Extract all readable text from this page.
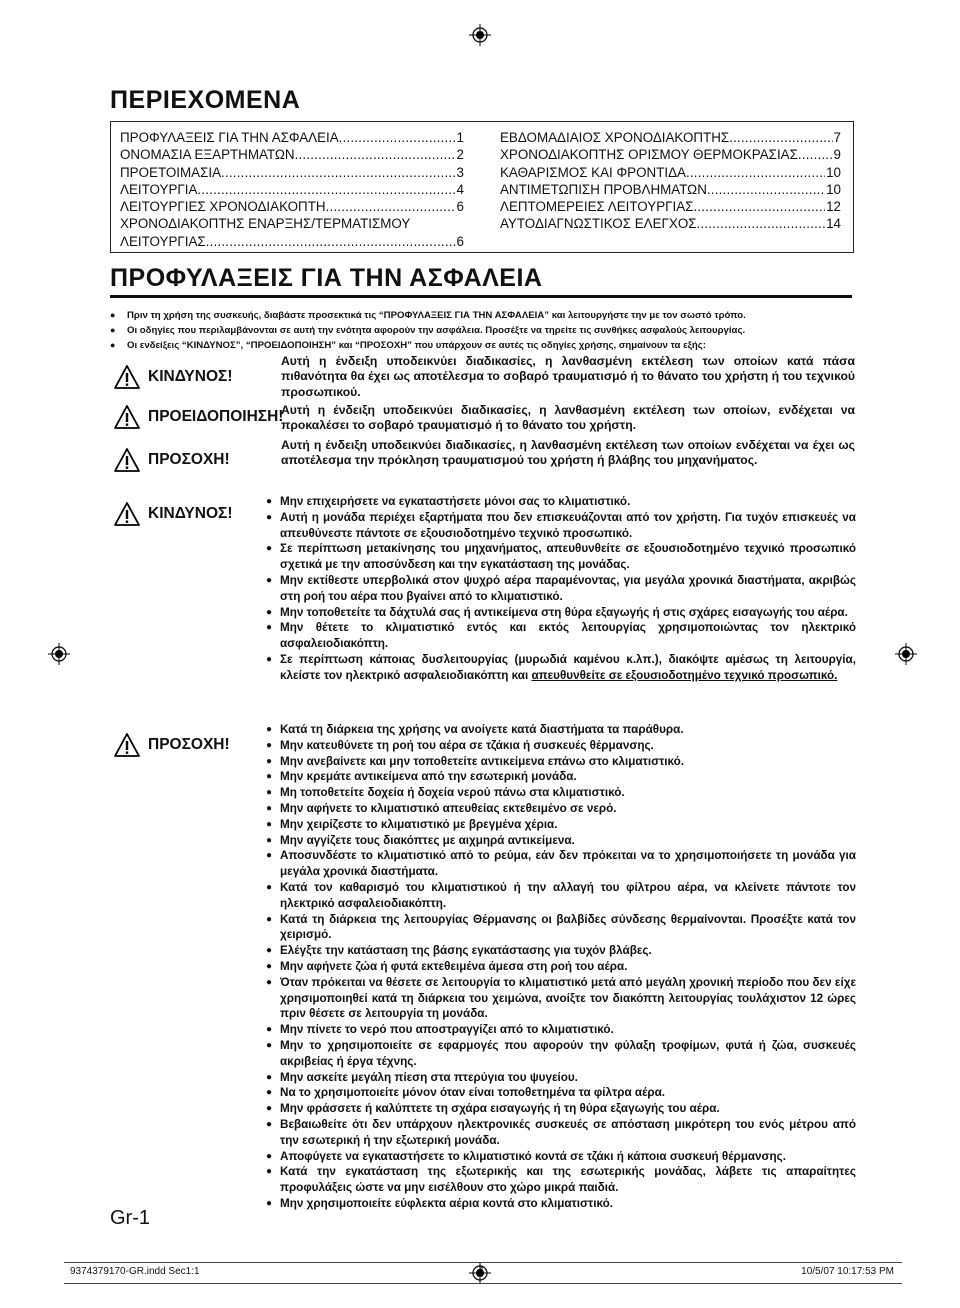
ΠΕΡΙΕΧΟΜΕΝΑ
ΠΡΟΦΥΛΑΞΕΙΣ ΓΙΑ ΤΗΝ ΑΣΦΑΛΕΙΑ .....	1
ΟΝΟΜΑΣΙΑ ΕΞΑΡΤΗΜΑΤΩΝ .....	2
ΠΡΟΕΤΟΙΜΑΣΙΑ .....	3
ΛΕΙΤΟΥΡΓΙΑ .....	4
ΛΕΙΤΟΥΡΓΙΕΣ ΧΡΟΝΟΔΙΑΚΟΠΤΗ .....	6
ΧΡΟΝΟΔΙΑΚΟΠΤΗΣ ΕΝΑΡΞΗΣ/ΤΕΡΜΑΤΙΣΜΟΥ
ΛΕΙΤΟΥΡΓΙΑΣ .....	6
ΕΒΔΟΜΑΔΙΑΙΟΣ ΧΡΟΝΟΔΙΑΚΟΠΤΗΣ .....	7
ΧΡΟΝΟΔΙΑΚΟΠΤΗΣ ΟΡΙΣΜΟΥ ΘΕΡΜΟΚΡΑΣΙΑΣ .....	9
ΚΑΘΑΡΙΣΜΟΣ ΚΑΙ ΦΡΟΝΤΙΔΑ .....	10
ΑΝΤΙΜΕΤΩΠΙΣΗ ΠΡΟΒΛΗΜΑΤΩΝ .....	10
ΛΕΠΤΟΜΕΡΕΙΕΣ ΛΕΙΤΟΥΡΓΙΑΣ .....	12
ΑΥΤΟΔΙΑΓΝΩΣΤΙΚΟΣ ΕΛΕΓΧΟΣ .....	14
ΠΡΟΦΥΛΑΞΕΙΣ ΓΙΑ ΤΗΝ ΑΣΦΑΛΕΙΑ
● Πριν τη χρήση της συσκευής, διαβάστε προσεκτικά τις “ΠΡΟΦΥΛΑΞΕΙΣ ΓΙΑ ΤΗΝ ΑΣΦΑΛΕΙΑ” και λειτουργήστε την με τον σωστό τρόπο.
● Οι οδηγίες που περιλαμβάνονται σε αυτή την ενότητα αφορούν την ασφάλεια. Προσέξτε να τηρείτε τις συνθήκες ασφαλούς λειτουργίας.
● Οι ενδείξεις “ΚΙΝΔΥΝΟΣ”, “ΠΡΟΕΙΔΟΠΟΙΗΣΗ” και “ΠΡΟΣΟΧΗ” που υπάρχουν σε αυτές τις οδηγίες χρήσης, σημαίνουν τα εξής:
ΚΙΝΔΥΝΟΣ!
ΠΡΟΕΙΔΟΠΟΙΗΣΗ!
ΠΡΟΣΟΧΗ!
Αυτή η ένδειξη υποδεικνύει διαδικασίες, η λανθασμένη εκτέλεση των οποίων κατά πάσα πιθανότητα θα έχει ως αποτέλεσμα το σοβαρό τραυματισμό ή το θάνατο του χρήστη ή του τεχνικού προσωπικού.
Αυτή η ένδειξη υποδεικνύει διαδικασίες, η λανθασμένη εκτέλεση των οποίων, ενδέχεται να προκαλέσει το σοβαρό τραυματισμό ή το θάνατο του χρήστη.
Αυτή η ένδειξη υποδεικνύει διαδικασίες, η λανθασμένη εκτέλεση των οποίων ενδέχεται να έχει ως αποτέλεσμα την πρόκληση τραυματισμού του χρήστη ή βλάβης του μηχανήματος.
ΚΙΝΔΥΝΟΣ!
● Μην επιχειρήσετε να εγκαταστήσετε μόνοι σας το κλιματιστικό.
● Αυτή η μονάδα περιέχει εξαρτήματα που δεν επισκευάζονται από τον χρήστη. Για τυχόν επισκευές να απευθύνεστε πάντοτε σε εξουσιοδοτημένο τεχνικό προσωπικό.
● Σε περίπτωση μετακίνησης του μηχανήματος, απευθυνθείτε σε εξουσιοδοτημένο τεχνικό προσωπικό σχετικά με την αποσύνδεση και την εγκατάσταση της μονάδας.
● Μην εκτίθεστε υπερβολικά στον ψυχρό αέρα παραμένοντας, για μεγάλα χρονικά διαστήματα, ακριβώς στη ροή του αέρα που βγαίνει από το κλιματιστικό.
● Μην τοποθετείτε τα δάχτυλά σας ή αντικείμενα στη θύρα εξαγωγής ή στις σχάρες εισαγωγής του αέρα.
● Μην θέτετε το κλιματιστικό εντός και εκτός λειτουργίας χρησιμοποιώντας τον ηλεκτρικό ασφαλειοδιακόπτη.
● Σε περίπτωση κάποιας δυσλειτουργίας (μυρωδιά καμένου κ.λπ.), διακόψτε αμέσως τη λειτουργία, κλείστε τον ηλεκτρικό ασφαλειοδιακόπτη και απευθυνθείτε σε εξουσιοδοτημένο τεχνικό προσωπικό.
ΠΡΟΣΟΧΗ!
● Κατά τη διάρκεια της χρήσης να ανοίγετε κατά διαστήματα τα παράθυρα.
● Μην κατευθύνετε τη ροή του αέρα σε τζάκια ή συσκευές θέρμανσης.
● Μην ανεβαίνετε και μην τοποθετείτε αντικείμενα επάνω στο κλιματιστικό.
● Μην κρεμάτε αντικείμενα από την εσωτερική μονάδα.
● Μη τοποθετείτε δοχεία ή δοχεία νερού πάνω στα κλιματιστικό.
● Μην αφήνετε το κλιματιστικό απευθείας εκτεθειμένο σε νερό.
● Μην χειρίζεστε το κλιματιστικό με βρεγμένα χέρια.
● Μην αγγίζετε τους διακόπτες με αιχμηρά αντικείμενα.
● Αποσυνδέστε το κλιματιστικό από το ρεύμα, εάν δεν πρόκειται να το χρησιμοποιήσετε τη μονάδα για μεγάλα χρονικά διαστήματα.
● Κατά τον καθαρισμό του κλιματιστικού ή την αλλαγή του φίλτρου αέρα, να κλείνετε πάντοτε τον ηλεκτρικό ασφαλειοδιακόπτη.
● Κατά τη διάρκεια της λειτουργίας Θέρμανσης οι βαλβίδες σύνδεσης θερμαίνονται. Προσέξτε κατά τον χειρισμό.
● Ελέγξτε την κατάσταση της βάσης εγκατάστασης για τυχόν βλάβες.
● Μην αφήνετε ζώα ή φυτά εκτεθειμένα άμεσα στη ροή του αέρα.
● Όταν πρόκειται να θέσετε σε λειτουργία το κλιματιστικό μετά από μεγάλη χρονική περίοδο που δεν είχε χρησιμοποιηθεί κατά τη διάρκεια του χειμώνα, ανοίξτε τον διακόπτη λειτουργίας τουλάχιστον 12 ώρες πριν θέσετε σε λειτουργία τη μονάδα.
● Μην πίνετε το νερό που αποστραγγίζει από το κλιματιστικό.
● Μην το χρησιμοποιείτε σε εφαρμογές που αφορούν την φύλαξη τροφίμων, φυτά ή ζώα, συσκευές ακριβείας ή έργα τέχνης.
● Μην ασκείτε μεγάλη πίεση στα πτερύγια του ψυγείου.
● Να το χρησιμοποιείτε μόνον όταν είναι τοποθετημένα τα φίλτρα αέρα.
● Μην φράσσετε ή καλύπτετε τη σχάρα εισαγωγής ή τη θύρα εξαγωγής του αέρα.
● Βεβαιωθείτε ότι δεν υπάρχουν ηλεκτρονικές συσκευές σε απόσταση μικρότερη του ενός μέτρου από την εσωτερική ή την εξωτερική μονάδα.
● Αποφύγετε να εγκαταστήσετε το κλιματιστικό κοντά σε τζάκι ή κάποια συσκευή θέρμανσης.
● Κατά την εγκατάσταση της εξωτερικής και της εσωτερικής μονάδας, λάβετε τις απαραίτητες προφυλάξεις ώστε να μην εισέλθουν στο χώρο μικρά παιδιά.
● Μην χρησιμοποιείτε εύφλεκτα αέρια κοντά στο κλιματιστικό.
Gr-1
9374379170-GR.indd Sec1:1	1	10/5/07 10:17:53 PM
